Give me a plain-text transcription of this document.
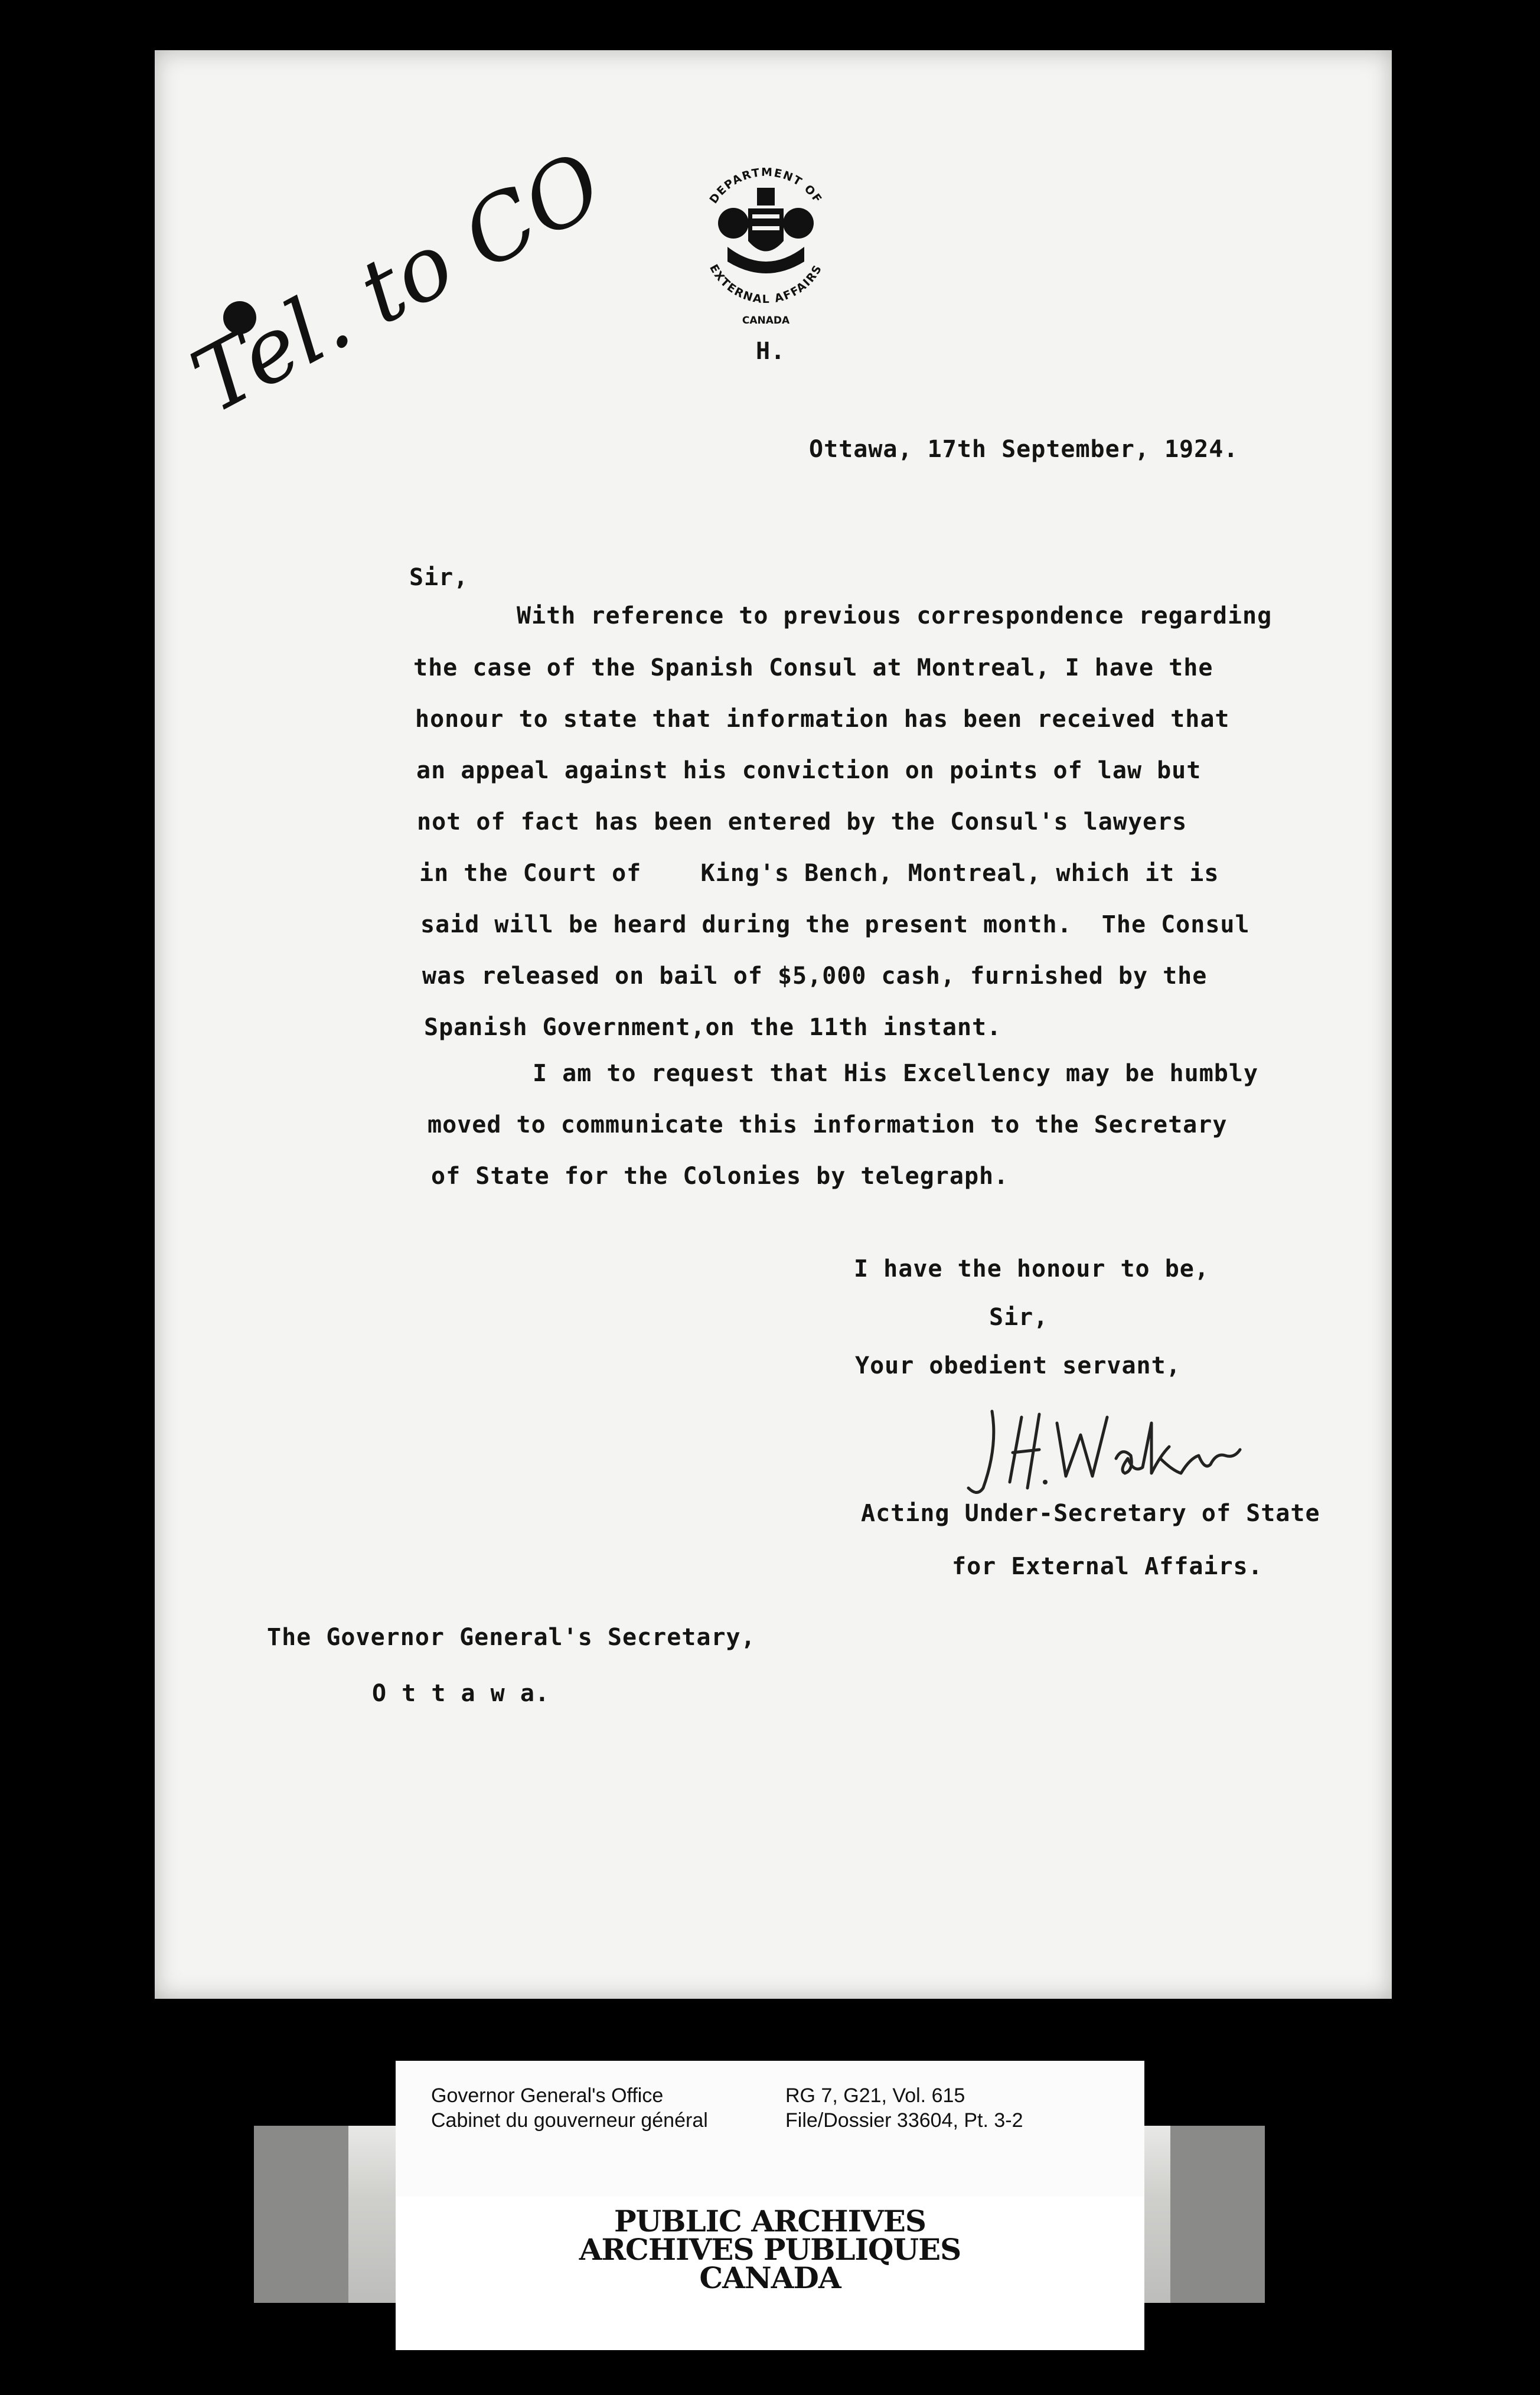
Tel. to CO	DEPARTMENT OF
EXTERNAL AFFAIRS
CANADA
H.
Ottawa, 17th September, 1924.
Sir,
With reference to previous correspondence regarding
the case of the Spanish Consul at Montreal, I have the
honour to state that information has been received that
an appeal against his conviction on points of law but
not of fact has been entered by the Consul's lawyers
in the Court of    King's Bench, Montreal, which it is
said will be heard during the present month.  The Consul
was released on bail of $5,000 cash, furnished by the
Spanish Government,on the 11th instant.
I am to request that His Excellency may be humbly
moved to communicate this information to the Secretary
of State for the Colonies by telegraph.
I have the honour to be,
Sir,
Your obedient servant,
Acting Under-Secretary of State
for External Affairs.
The Governor General's Secretary,
O t t a w a.
Governor General's Office
Cabinet du gouverneur général
RG 7, G21, Vol. 615
File/Dossier 33604, Pt. 3-2
PUBLIC ARCHIVES
ARCHIVES PUBLIQUES
CANADA
